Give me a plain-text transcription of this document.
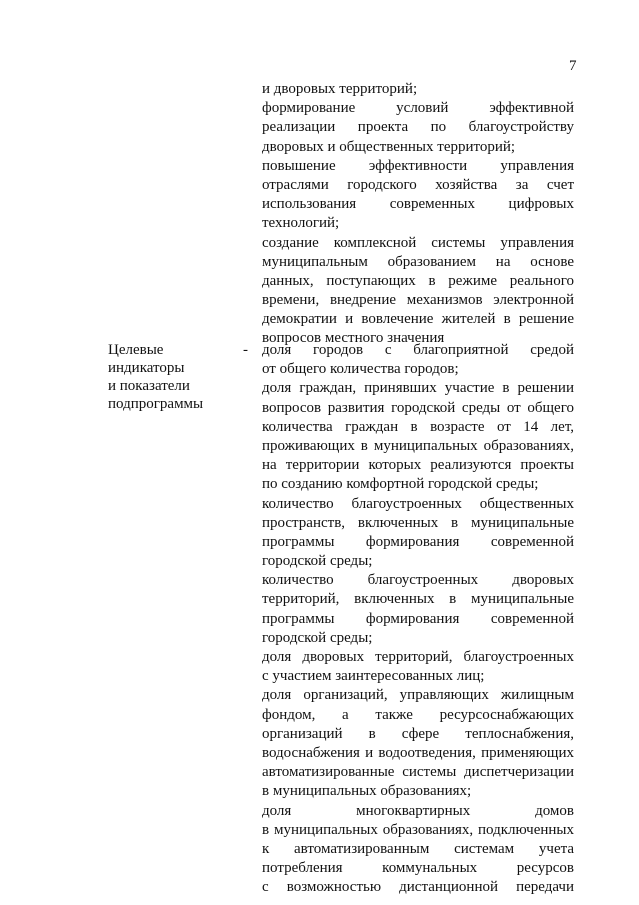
7
и дворовых территорий;
формирование условий эффективной
реализации проекта по благоустройству
дворовых и общественных территорий;
повышение эффективности управления
отраслями городского хозяйства за счет
использования современных цифровых
технологий;
создание комплексной системы управления
муниципальным образованием на основе
данных, поступающих в режиме реального
времени, внедрение механизмов электронной
демократии и вовлечение жителей в решение
вопросов местного значения
Целевые
индикаторы
и показатели
подпрограммы
- доля городов с благоприятной средой
от общего количества городов;
доля граждан, принявших участие в решении
вопросов развития городской среды от общего
количества граждан в возрасте от 14 лет,
проживающих в муниципальных образованиях,
на территории которых реализуются проекты
по созданию комфортной городской среды;
количество благоустроенных общественных
пространств, включенных в муниципальные
программы формирования современной
городской среды;
количество благоустроенных дворовых
территорий, включенных в муниципальные
программы формирования современной
городской среды;
доля дворовых территорий, благоустроенных
с участием заинтересованных лиц;
доля организаций, управляющих жилищным
фондом, а также ресурсоснабжающих
организаций в сфере теплоснабжения,
водоснабжения и водоотведения, применяющих
автоматизированные системы диспетчеризации
в муниципальных образованиях;
доля многоквартирных домов
в муниципальных образованиях, подключенных
к автоматизированным системам учета
потребления коммунальных ресурсов
с возможностью дистанционной передачи
